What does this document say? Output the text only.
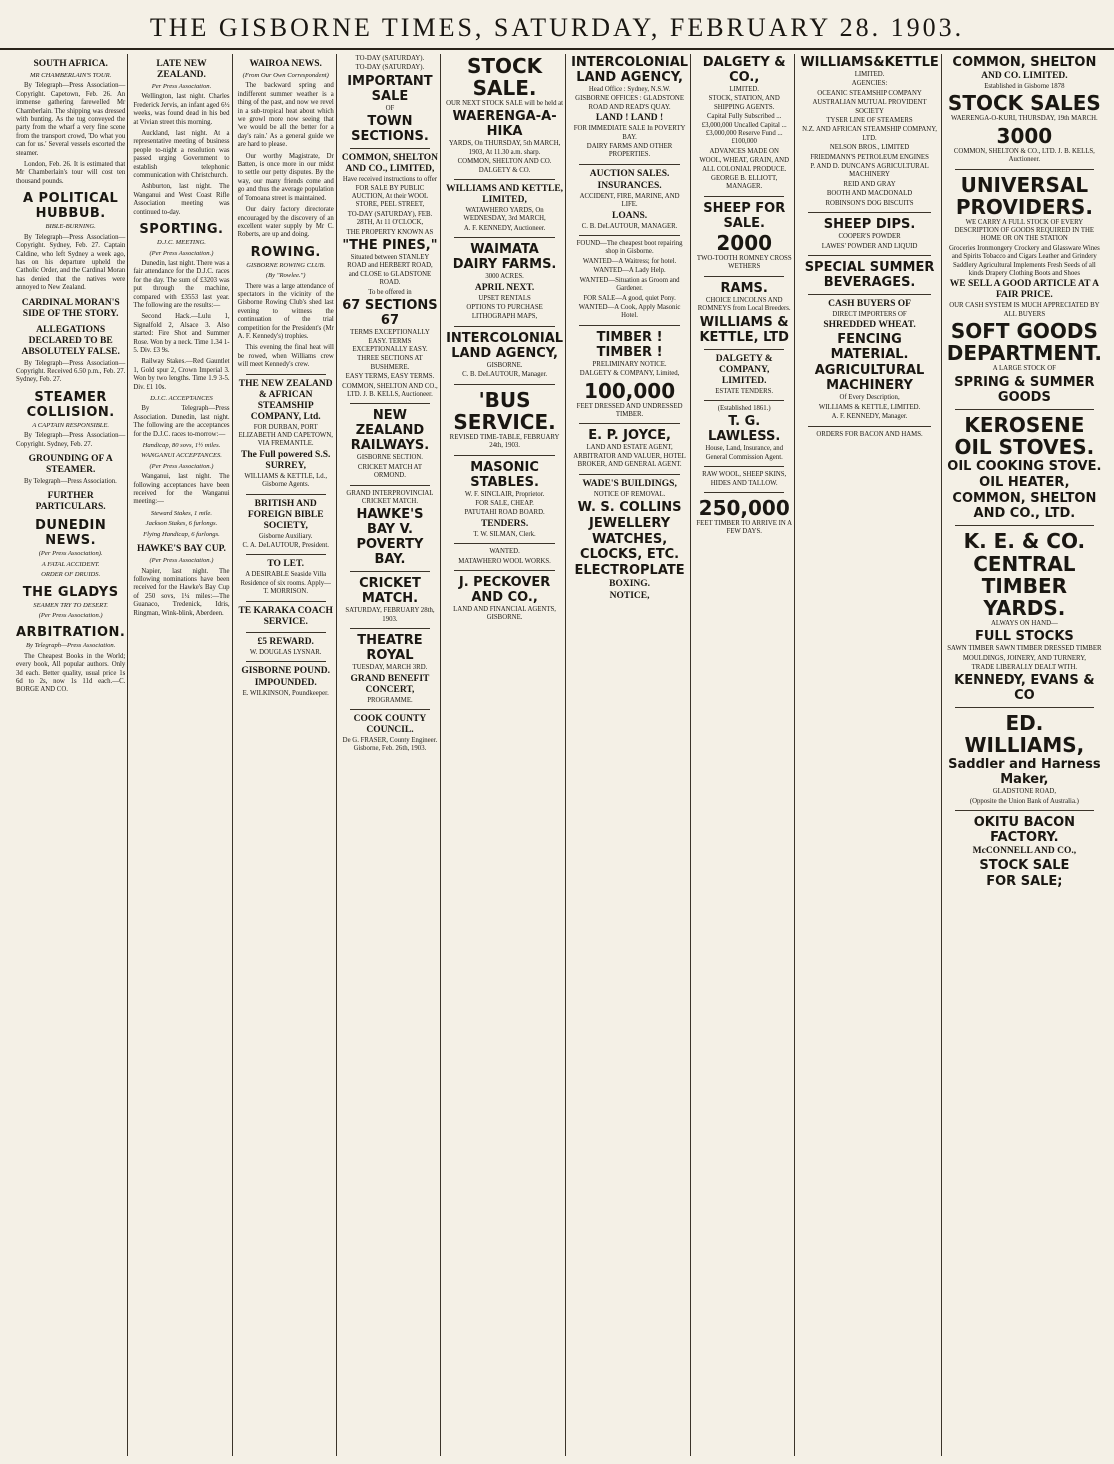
THE GISBORNE TIMES, SATURDAY, FEBRUARY 28. 1903.
SOUTH AFRICA.
MR CHAMBERLAIN'S TOUR.
By Telegraph—Press Association—Copyright. Capetown, Feb. 26. An immense gathering farewelled Mr Chamberlain. The shipping was dressed with bunting. As the tug conveyed the party from the wharf a very fine scene from the transport crowd, 'Do what you can for us.' Several vessels escorted the steamer.
London, Feb. 26. It is estimated that Mr Chamberlain's tour will cost ten thousand pounds.
A POLITICAL HUBBUB.
BIBLE-BURNING.
By Telegraph—Press Association—Copyright. Sydney, Feb. 27. Captain Caldine, who left Sydney a week ago, has on his departure upheld the Catholic Order, and the Cardinal Moran has denied that the natives were annoyed to New Zealand.
CARDINAL MORAN'S SIDE OF THE STORY.
ALLEGATIONS DECLARED TO BE ABSOLUTELY FALSE.
By Telegraph—Press Association—Copyright. Received 6.50 p.m., Feb. 27. Sydney, Feb. 27.
STEAMER COLLISION.
A CAPTAIN RESPONSIBLE.
By Telegraph—Press Association—Copyright. Sydney, Feb. 27.
GROUNDING OF A STEAMER.
By Telegraph—Press Association.
FURTHER PARTICULARS.
DUNEDIN NEWS.
(Per Press Association).
A FATAL ACCIDENT.
ORDER OF DRUIDS.
THE GLADYS
SEAMEN TRY TO DESERT.
(Per Press Association.)
ARBITRATION.
By Telegraph—Press Association.
The Cheapest Books in the World; every book, All popular authors. Only 3d each. Better quality, usual price 1s 6d to 2s, now 1s 11d each.—C. BORGE AND CO.
LATE NEW ZEALAND.
Per Press Association.
Wellington, last night. Charles Frederick Jervis, an infant aged 6½ weeks, was found dead in his bed at Vivian street this morning.
Auckland, last night. At a representative meeting of business people to-night a resolution was passed urging Government to establish telephonic communication with Christchurch.
Ashburton, last night. The Wanganui and West Coast Rifle Association meeting was continued to-day.
SPORTING.
D.J.C. MEETING.
(Per Press Association.)
Dunedin, last night. There was a fair attendance for the D.J.C. races for the day. The sum of £3203 was put through the machine, compared with £3553 last year. The following are the results:—
Second Hack.—Lulu 1, Signalfold 2, Alsace 3. Also started: Fire Shot and Summer Rose. Won by a neck. Time 1.34 1-5. Div. £3 9s.
Railway Stakes.—Red Gauntlet 1, Gold spur 2, Crown Imperial 3. Won by two lengths. Time 1.9 3-5. Div. £1 10s.
D.J.C. ACCEPTANCES
By Telegraph—Press Association. Dunedin, last night. The following are the acceptances for the D.J.C. races to-morrow:—
Handicap, 80 sovs, 1½ miles.
WANGANUI ACCEPTANCES.
(Per Press Association.)
Wanganui, last night. The following acceptances have been received for the Wanganui meeting:—
Steward Stakes, 1 mile.
Jackson Stakes, 6 furlongs.
Flying Handicap, 6 furlongs.
HAWKE'S BAY CUP.
(Per Press Association.)
Napier, last night. The following nominations have been received for the Hawke's Bay Cup of 250 sovs, 1¼ miles:—The Guanaco, Tredenick, Idris, Ringman, Wink-blink, Aberdeen.
WAIROA NEWS.
(From Our Own Correspondent)
The backward spring and indifferent summer weather is a thing of the past, and now we revel in a sub-tropical heat about which we growl more now seeing that 'we would be all the better for a day's rain.' As a general guide we are hard to please.
Our worthy Magistrate, Dr Batten, is once more in our midst to settle our petty disputes. By the way, our many friends come and go and thus the average population of Tomoana street is maintained.
Our dairy factory directorate encouraged by the discovery of an excellent water supply by Mr C. Roberts, are up and doing.
ROWING.
GISBORNE ROWING CLUB.
(By "Rowlee.")
There was a large attendance of spectators in the vicinity of the Gisborne Rowing Club's shed last evening to witness the continuation of the trial competition for the President's (Mr A. F. Kennedy's) trophies.
This evening the final heat will be rowed, when Williams crew will meet Kennedy's crew.
THE NEW ZEALAND & AFRICAN STEAMSHIP COMPANY, Ltd.
FOR DURBAN, PORT ELIZABETH AND CAPETOWN, VIA FREMANTLE.
The Full powered S.S. SURREY,
WILLIAMS & KETTLE, Ld., Gisborne Agents.
BRITISH AND FOREIGN BIBLE SOCIETY,
Gisborne Auxiliary.
C. A. DeLAUTOUR, President.
TO LET.
A DESIRABLE Seaside Villa Residence of six rooms. Apply— T. MORRISON.
TE KARAKA COACH SERVICE.
£5 REWARD.
W. DOUGLAS LYSNAR.
GISBORNE POUND.
IMPOUNDED.
E. WILKINSON, Poundkeeper.
TO-DAY (SATURDAY).
TO-DAY (SATURDAY).
IMPORTANT SALE
OF
TOWN SECTIONS.
COMMON, SHELTON AND CO., LIMITED,
Have received instructions to offer FOR SALE BY PUBLIC AUCTION, At their WOOL STORE, PEEL STREET,
TO-DAY (SATURDAY), FEB. 28TH, At 11 O'CLOCK,
THE PROPERTY KNOWN AS
"THE PINES,"
Situated between STANLEY ROAD and HERBERT ROAD, and CLOSE to GLADSTONE ROAD.
To be offered in
67 SECTIONS 67
TERMS EXCEPTIONALLY EASY. TERMS EXCEPTIONALLY EASY.
THREE SECTIONS AT BUSHMERE.
EASY TERMS, EASY TERMS.
COMMON, SHELTON AND CO., LTD. J. B. KELLS, Auctioneer.
NEW ZEALAND RAILWAYS.
GISBORNE SECTION.
CRICKET MATCH AT ORMOND.
GRAND INTERPROVINCIAL CRICKET MATCH.
HAWKE'S BAY V. POVERTY BAY.
CRICKET MATCH.
SATURDAY, FEBRUARY 28th, 1903.
THEATRE ROYAL
TUESDAY, MARCH 3RD.
GRAND BENEFIT CONCERT,
PROGRAMME.
COOK COUNTY COUNCIL.
De G. FRASER, County Engineer. Gisborne, Feb. 26th, 1903.
STOCK SALE.
OUR NEXT STOCK SALE will be held at
WAERENGA-A-HIKA
YARDS, On THURSDAY, 5th MARCH, 1903, At 11.30 a.m. sharp.
COMMON, SHELTON AND CO. DALGETY & CO.
WILLIAMS AND KETTLE, LIMITED,
WATAWHERO YARDS, On WEDNESDAY, 3rd MARCH,
A. F. KENNEDY, Auctioneer.
WAIMATA DAIRY FARMS.
3000 ACRES.
APRIL NEXT.
UPSET RENTALS
OPTIONS TO PURCHASE
LITHOGRAPH MAPS,
INTERCOLONIAL LAND AGENCY,
GISBORNE.
C. B. DeLAUTOUR, Manager.
'BUS SERVICE.
REVISED TIME-TABLE, FEBRUARY 24th, 1903.
MASONIC STABLES.
W. F. SINCLAIR, Proprietor.
FOR SALE, CHEAP.
PATUTAHI ROAD BOARD.
TENDERS.
T. W. SILMAN, Clerk.
WANTED.
MATAWHERO WOOL WORKS.
J. PECKOVER AND CO.,
LAND AND FINANCIAL AGENTS, GISBORNE.
INTERCOLONIAL LAND AGENCY,
Head Office : Sydney, N.S.W.
GISBORNE OFFICES : GLADSTONE ROAD AND READ'S QUAY.
LAND ! LAND !
FOR IMMEDIATE SALE In POVERTY BAY.
DAIRY FARMS AND OTHER PROPERTIES.
AUCTION SALES.
INSURANCES.
ACCIDENT, FIRE, MARINE, AND LIFE.
LOANS.
C. B. DeLAUTOUR, MANAGER.
FOUND—The cheapest boot repairing shop in Gisborne.
WANTED—A Waitress; for hotel.
WANTED—A Lady Help.
WANTED—Situation as Groom and Gardener.
FOR SALE—A good, quiet Pony.
WANTED—A Cook, Apply Masonic Hotel.
TIMBER ! TIMBER !
PRELIMINARY NOTICE.
DALGETY & COMPANY, Limited,
100,000
FEET DRESSED AND UNDRESSED TIMBER.
E. P. JOYCE,
LAND AND ESTATE AGENT, ARBITRATOR AND VALUER, HOTEL BROKER, AND GENERAL AGENT.
WADE'S BUILDINGS,
NOTICE OF REMOVAL.
W. S. COLLINS
JEWELLERY
WATCHES, CLOCKS, ETC.
ELECTROPLATE
BOXING.
NOTICE,
DALGETY & CO.,
LIMITED.
STOCK, STATION, AND SHIPPING AGENTS.
Capital Fully Subscribed ... £3,000,000 Uncalled Capital ... £3,000,000 Reserve Fund ... £100,000
ADVANCES MADE ON
WOOL, WHEAT, GRAIN, AND ALL COLONIAL PRODUCE.
GEORGE B. ELLIOTT, MANAGER.
SHEEP FOR SALE.
2000
TWO-TOOTH ROMNEY CROSS WETHERS
RAMS.
CHOICE LINCOLNS AND ROMNEYS from Local Breeders.
WILLIAMS & KETTLE, LTD
DALGETY & COMPANY, LIMITED.
ESTATE TENDERS.
(Established 1861.)
T. G. LAWLESS.
House, Land, Insurance, and General Commission Agent.
RAW WOOL, SHEEP SKINS, HIDES AND TALLOW.
250,000
FEET TIMBER TO ARRIVE IN A FEW DAYS.
WILLIAMS&KETTLE
LIMITED.
AGENCIES:
OCEANIC STEAMSHIP COMPANY
AUSTRALIAN MUTUAL PROVIDENT SOCIETY
TYSER LINE OF STEAMERS
N.Z. AND AFRICAN STEAMSHIP COMPANY, LTD.
NELSON BROS., LIMITED
FRIEDMANN'S PETROLEUM ENGINES
P. AND D. DUNCAN'S AGRICULTURAL MACHINERY
REID AND GRAY
BOOTH AND MACDONALD
ROBINSON'S DOG BISCUITS
SHEEP DIPS.
COOPER'S POWDER
LAWES' POWDER AND LIQUID
SPECIAL SUMMER BEVERAGES.
CASH BUYERS OF
DIRECT IMPORTERS OF
SHREDDED WHEAT.
FENCING MATERIAL.
AGRICULTURAL MACHINERY
Of Every Description,
WILLIAMS & KETTLE, LIMITED.
A. F. KENNEDY, Manager.
ORDERS FOR BACON AND HAMS.
COMMON, SHELTON
AND CO. LIMITED.
Established in Gisborne 1878
STOCK SALES
WAERENGA-O-KURI, THURSDAY, 19th MARCH.
3000
COMMON, SHELTON & CO., LTD. J. B. KELLS, Auctioneer.
UNIVERSAL PROVIDERS.
WE CARRY A FULL STOCK OF EVERY DESCRIPTION OF GOODS REQUIRED IN THE HOME OR ON THE STATION
Groceries Ironmongery Crockery and Glassware Wines and Spirits Tobacco and Cigars Leather and Grindery Saddlery Agricultural Implements Fresh Seeds of all kinds Drapery Clothing Boots and Shoes
WE SELL A GOOD ARTICLE AT A FAIR PRICE.
OUR CASH SYSTEM IS MUCH APPRECIATED BY ALL BUYERS
SOFT GOODS DEPARTMENT.
A LARGE STOCK OF
SPRING & SUMMER GOODS
KEROSENE OIL STOVES.
OIL COOKING STOVE.
OIL HEATER,
COMMON, SHELTON AND CO., LTD.
K. E. & CO.
CENTRAL TIMBER YARDS.
ALWAYS ON HAND—
FULL STOCKS
SAWN TIMBER SAWN TIMBER DRESSED TIMBER
MOULDINGS, JOINERY, AND TURNERY,
TRADE LIBERALLY DEALT WITH.
KENNEDY, EVANS & CO
ED. WILLIAMS,
Saddler and Harness Maker,
GLADSTONE ROAD,
(Opposite the Union Bank of Australia.)
OKITU BACON FACTORY.
McCONNELL AND CO.,
STOCK SALE
FOR SALE;
